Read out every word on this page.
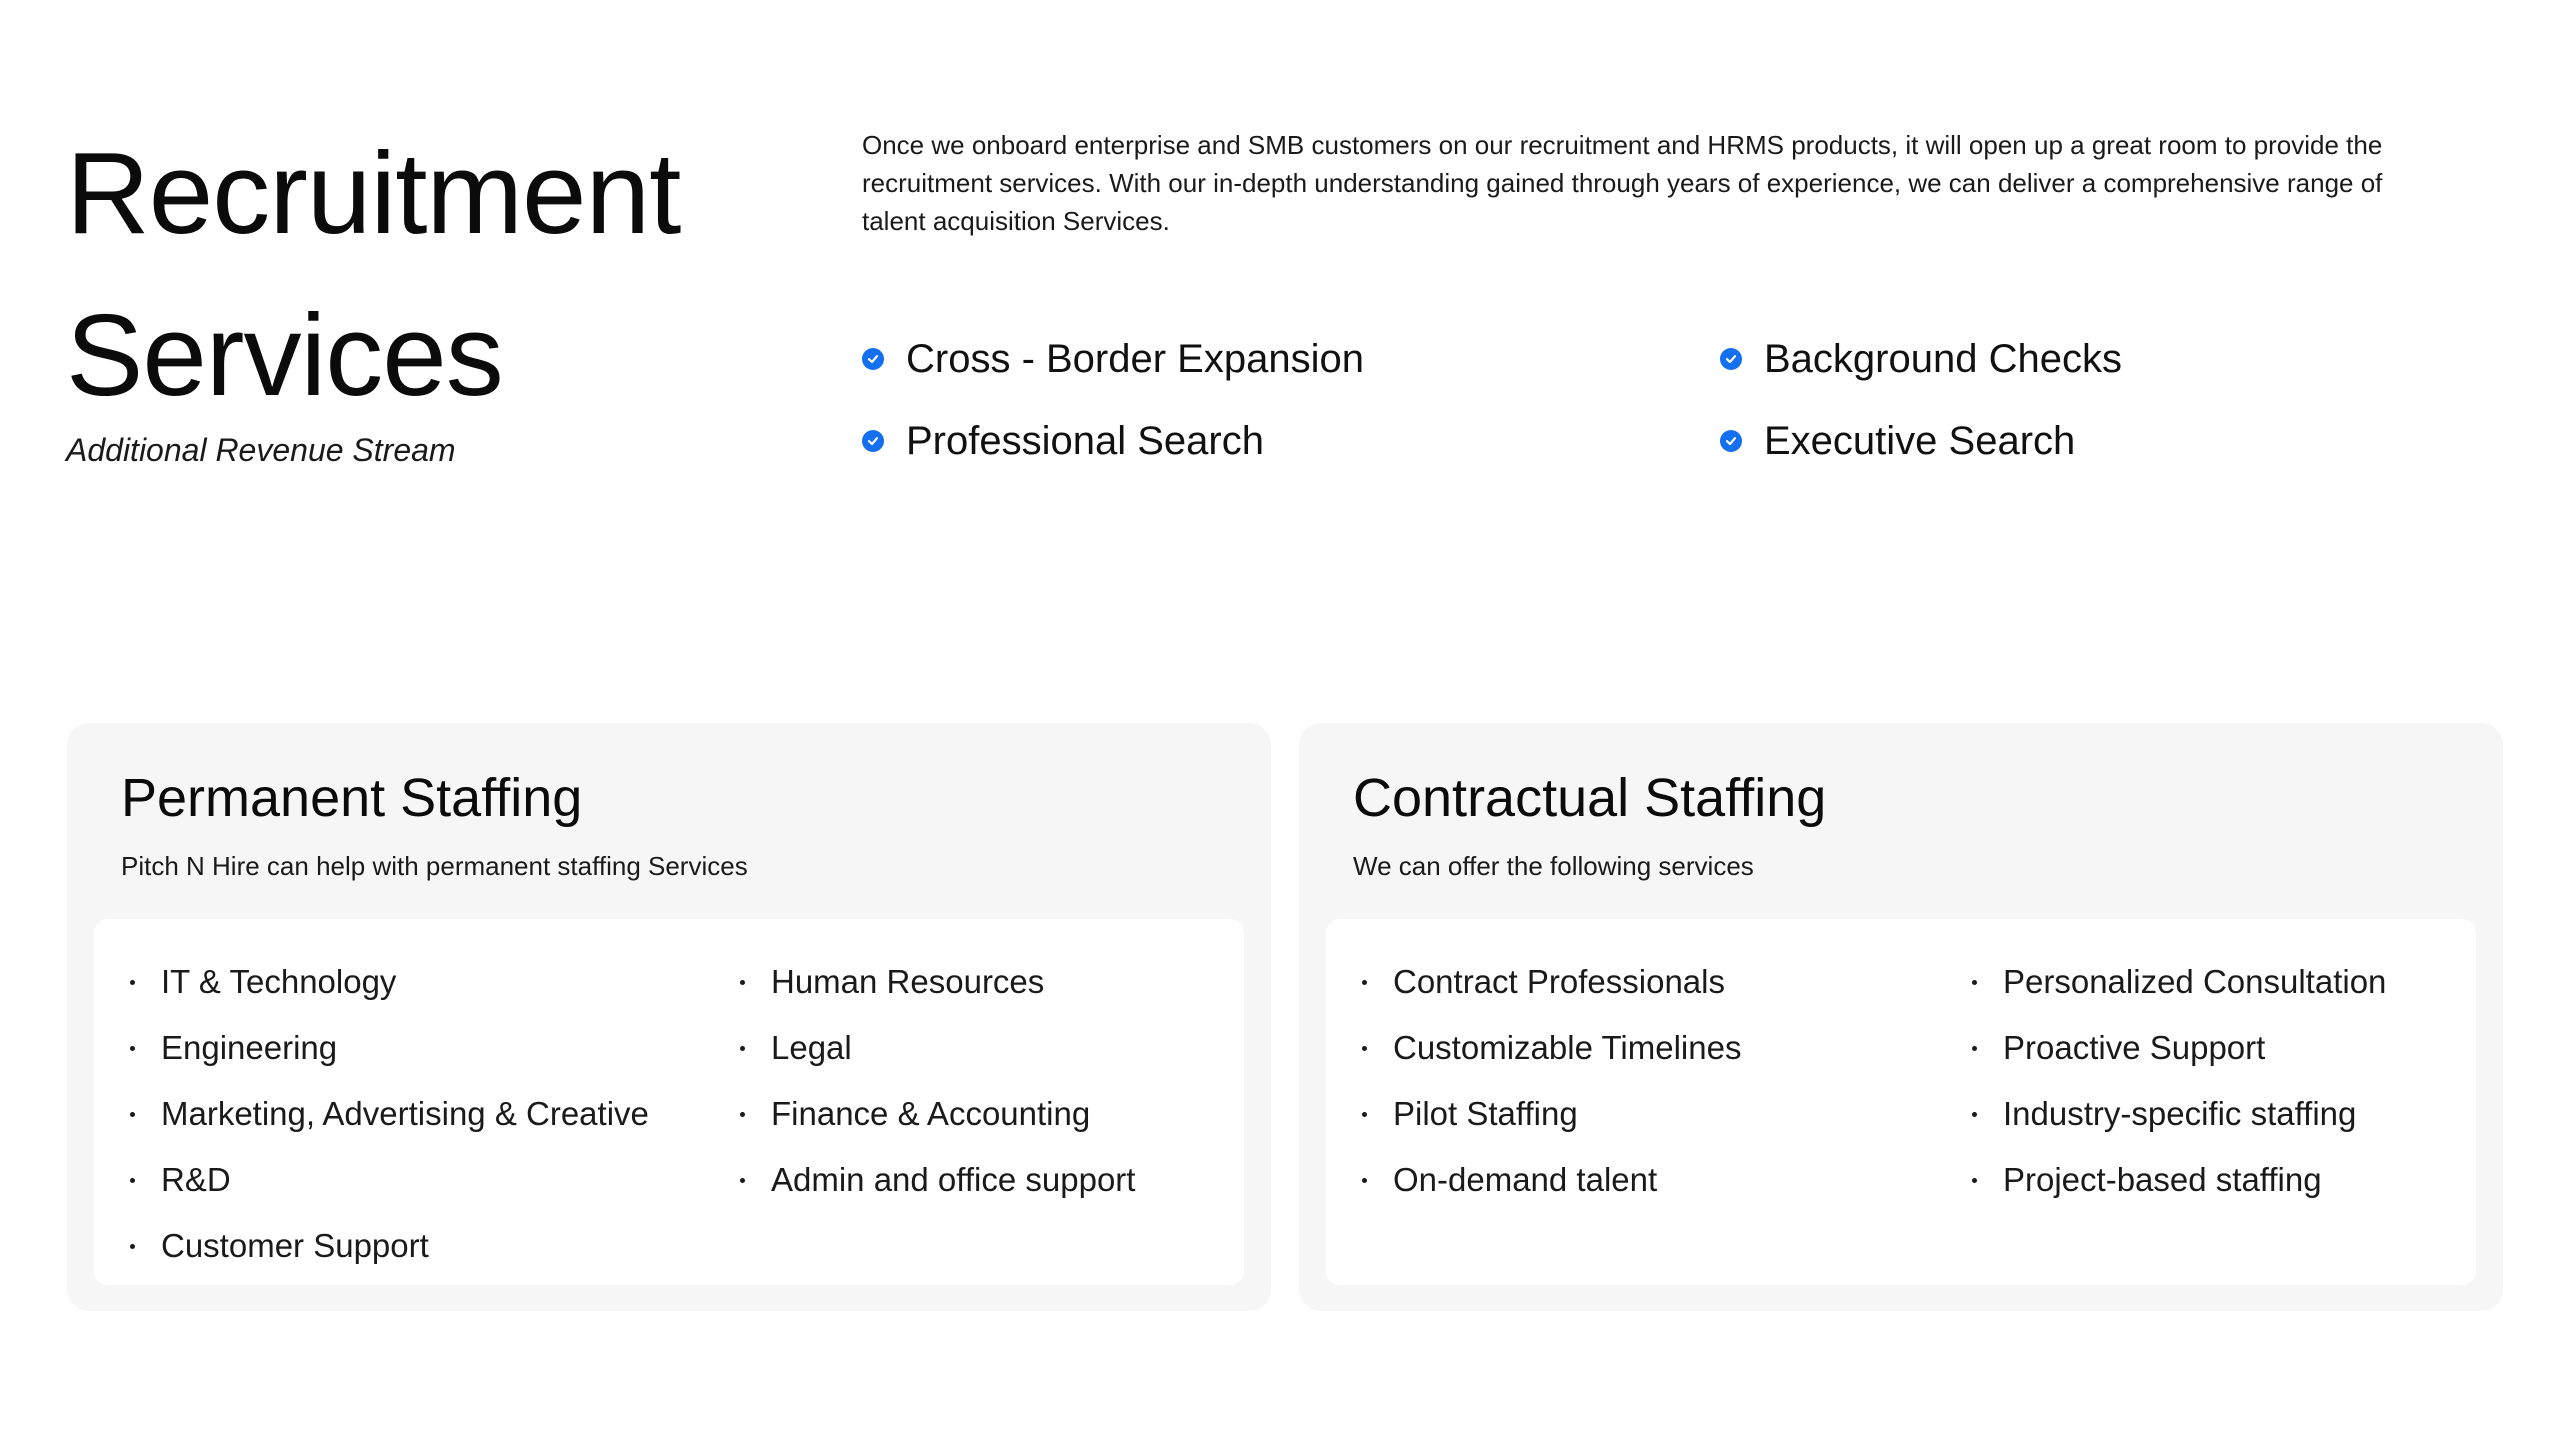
Recruitment
Services
Additional Revenue Stream

Once we onboard enterprise and SMB customers on our recruitment and HRMS products, it will open up a great room to provide the recruitment services. With our in-depth understanding gained through years of experience, we can deliver a comprehensive range of talent acquisition Services.

Cross - Border Expansion	Background Checks
Professional Search	Executive Search
Permanent Staffing

Pitch N Hire can help with permanent staffing Services

IT & Technology
Engineering
Marketing, Advertising & Creative
R&D
Customer Support
Human Resources
Legal
Finance & Accounting
Admin and office support
Contractual Staffing

We can offer the following services

Contract Professionals
Customizable Timelines
Pilot Staffing
On-demand talent
Personalized Consultation
Proactive Support
Industry-specific staffing
Project-based staffing
